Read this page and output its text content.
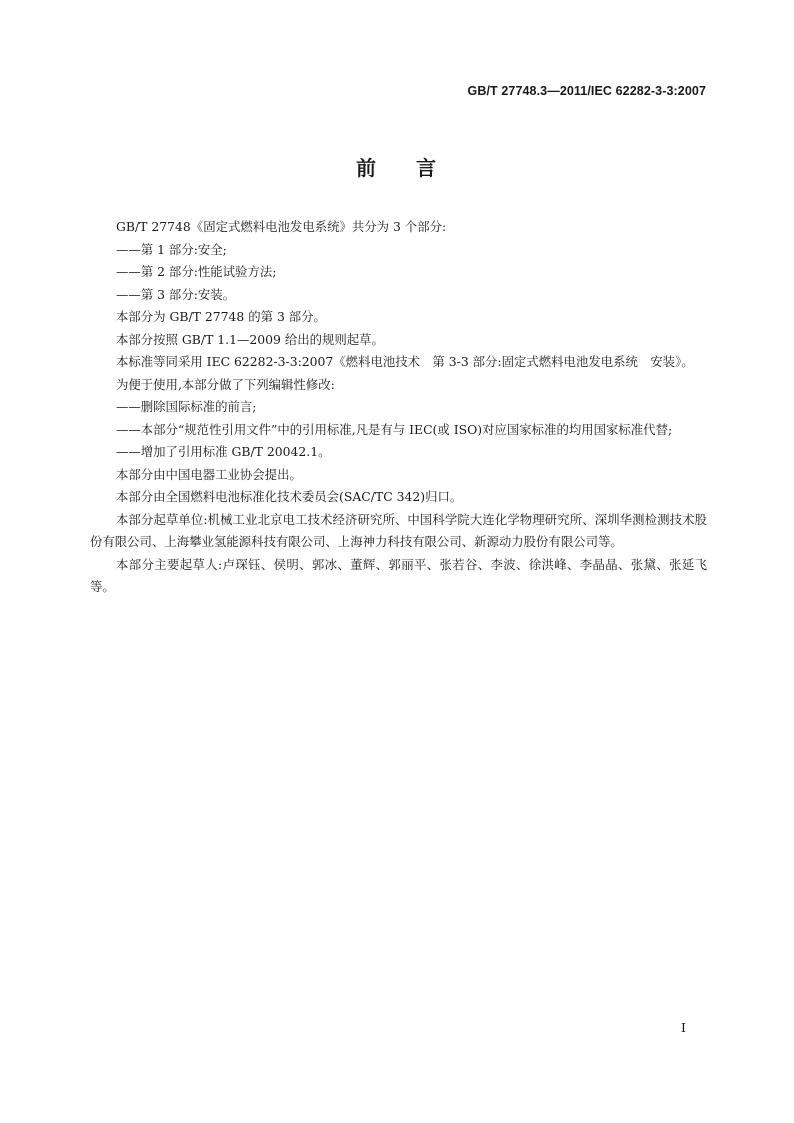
GB/T 27748.3—2011/IEC 62282-3-3:2007
前 言

GB/T 27748《固定式燃料电池发电系统》共分为 3 个部分:

——第 1 部分:安全;

——第 2 部分:性能试验方法;

——第 3 部分:安装。

本部分为 GB/T 27748 的第 3 部分。

本部分按照 GB/T 1.1—2009 给出的规则起草。

本标准等同采用 IEC 62282-3-3:2007《燃料电池技术　第 3-3 部分:固定式燃料电池发电系统　安装》。

为便于使用,本部分做了下列编辑性修改:

——删除国际标准的前言;

——本部分“规范性引用文件”中的引用标准,凡是有与 IEC(或 ISO)对应国家标准的均用国家标准代替;

——增加了引用标准 GB/T 20042.1。

本部分由中国电器工业协会提出。

本部分由全国燃料电池标准化技术委员会(SAC/TC 342)归口。

本部分起草单位:机械工业北京电工技术经济研究所、中国科学院大连化学物理研究所、深圳华测检测技术股份有限公司、上海攀业氢能源科技有限公司、上海神力科技有限公司、新源动力股份有限公司等。

本部分主要起草人:卢琛钰、侯明、郭冰、董辉、郭丽平、张若谷、李波、徐洪峰、李晶晶、张黛、张延飞等。

I
